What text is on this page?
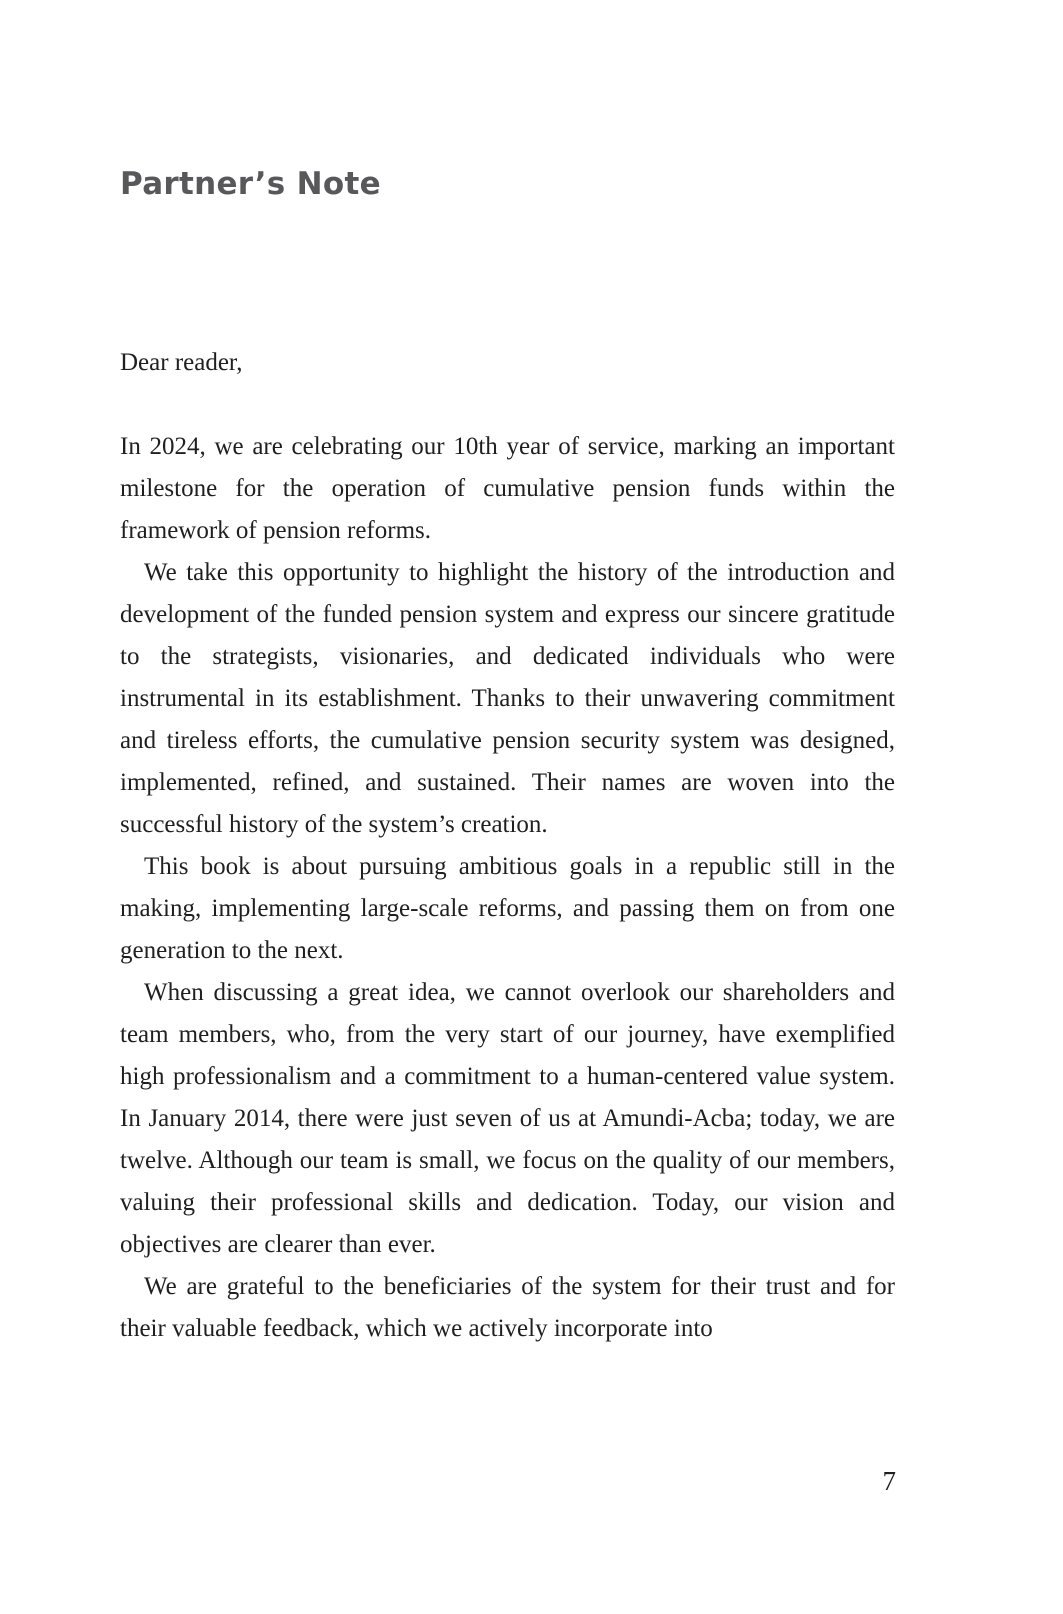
Partner’s Note

Dear reader,

In 2024, we are celebrating our 10th year of service, marking an important milestone for the operation of cumulative pension funds within the framework of pension reforms.

We take this opportunity to highlight the history of the introduction and development of the funded pension system and express our sincere gratitude to the strategists, visionaries, and dedicated individuals who were instrumental in its establishment. Thanks to their unwavering commitment and tireless efforts, the cumulative pension security system was designed, implemented, refined, and sustained. Their names are woven into the successful history of the system’s creation.

This book is about pursuing ambitious goals in a republic still in the making, implementing large-scale reforms, and passing them on from one generation to the next.

When discussing a great idea, we cannot overlook our shareholders and team members, who, from the very start of our journey, have exemplified high professionalism and a commitment to a human-centered value system. In January 2014, there were just seven of us at Amundi-Acba; today, we are twelve. Although our team is small, we focus on the quality of our members, valuing their professional skills and dedication. Today, our vision and objectives are clearer than ever.

We are grateful to the beneficiaries of the system for their trust and for their valuable feedback, which we actively incorporate into

7
